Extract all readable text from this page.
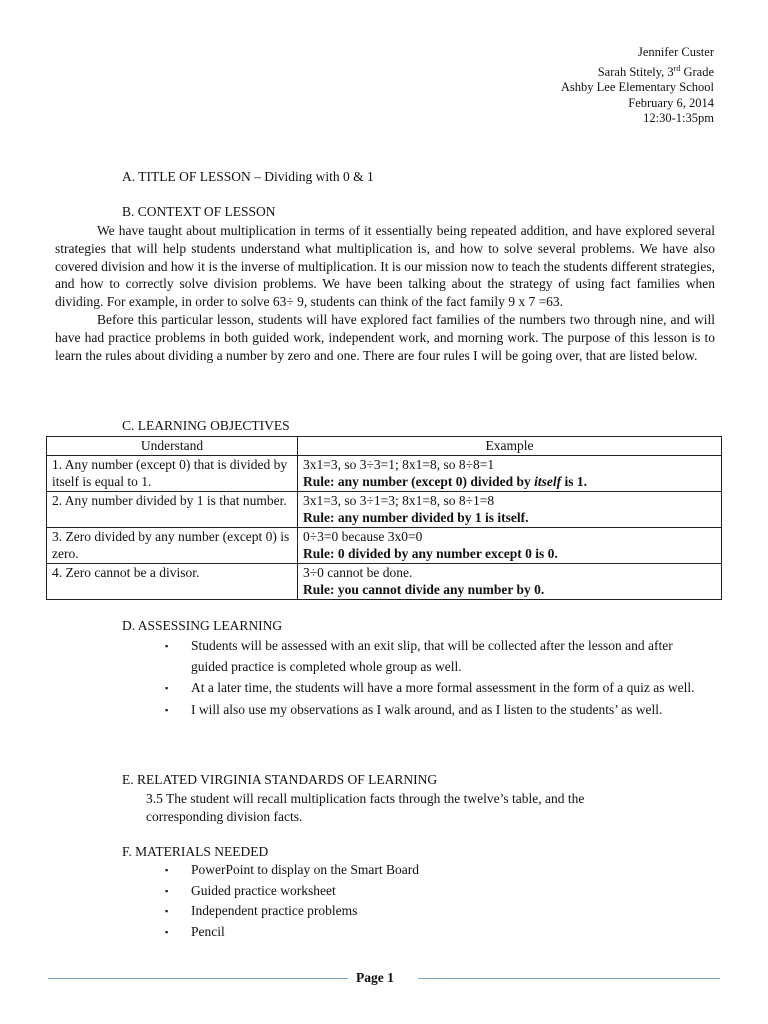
Jennifer Custer
Sarah Stitely, 3rd Grade
Ashby Lee Elementary School
February 6, 2014
12:30-1:35pm
A. TITLE OF LESSON – Dividing with 0 & 1
B. CONTEXT OF LESSON

We have taught about multiplication in terms of it essentially being repeated addition, and have explored several strategies that will help students understand what multiplication is, and how to solve several problems. We have also covered division and how it is the inverse of multiplication. It is our mission now to teach the students different strategies, and how to correctly solve division problems. We have been talking about the strategy of using fact families when dividing. For example, in order to solve 63÷ 9, students can think of the fact family 9 x 7 =63.

Before this particular lesson, students will have explored fact families of the numbers two through nine, and will have had practice problems in both guided work, independent work, and morning work. The purpose of this lesson is to learn the rules about dividing a number by zero and one. There are four rules I will be going over, that are listed below.

C. LEARNING OBJECTIVES
Understand	Example
1. Any number (except 0) that is divided by itself is equal to 1.	3x1=3, so 3÷3=1; 8x1=8, so 8÷8=1
Rule: any number (except 0) divided by itself is 1.

2. Any number divided by 1 is that number.	3x1=3, so 3÷1=3; 8x1=8, so 8÷1=8
Rule: any number divided by 1 is itself.

3. Zero divided by any number (except 0) is zero.	0÷3=0 because 3x0=0
Rule: 0 divided by any number except 0 is 0.

4. Zero cannot be a divisor.	3÷0 cannot be done.
Rule: you cannot divide any number by 0.
D. ASSESSING LEARNING
▪ Students will be assessed with an exit slip, that will be collected after the lesson and after guided practice is completed whole group as well.
▪ At a later time, the students will have a more formal assessment in the form of a quiz as well.
▪ I will also use my observations as I walk around, and as I listen to the students’ as well.
E. RELATED VIRGINIA STANDARDS OF LEARNING
3.5 The student will recall multiplication facts through the twelve’s table, and the corresponding division facts.
F. MATERIALS NEEDED
▪ PowerPoint to display on the Smart Board
▪ Guided practice worksheet
▪ Independent practice problems
▪ Pencil
Page 1
